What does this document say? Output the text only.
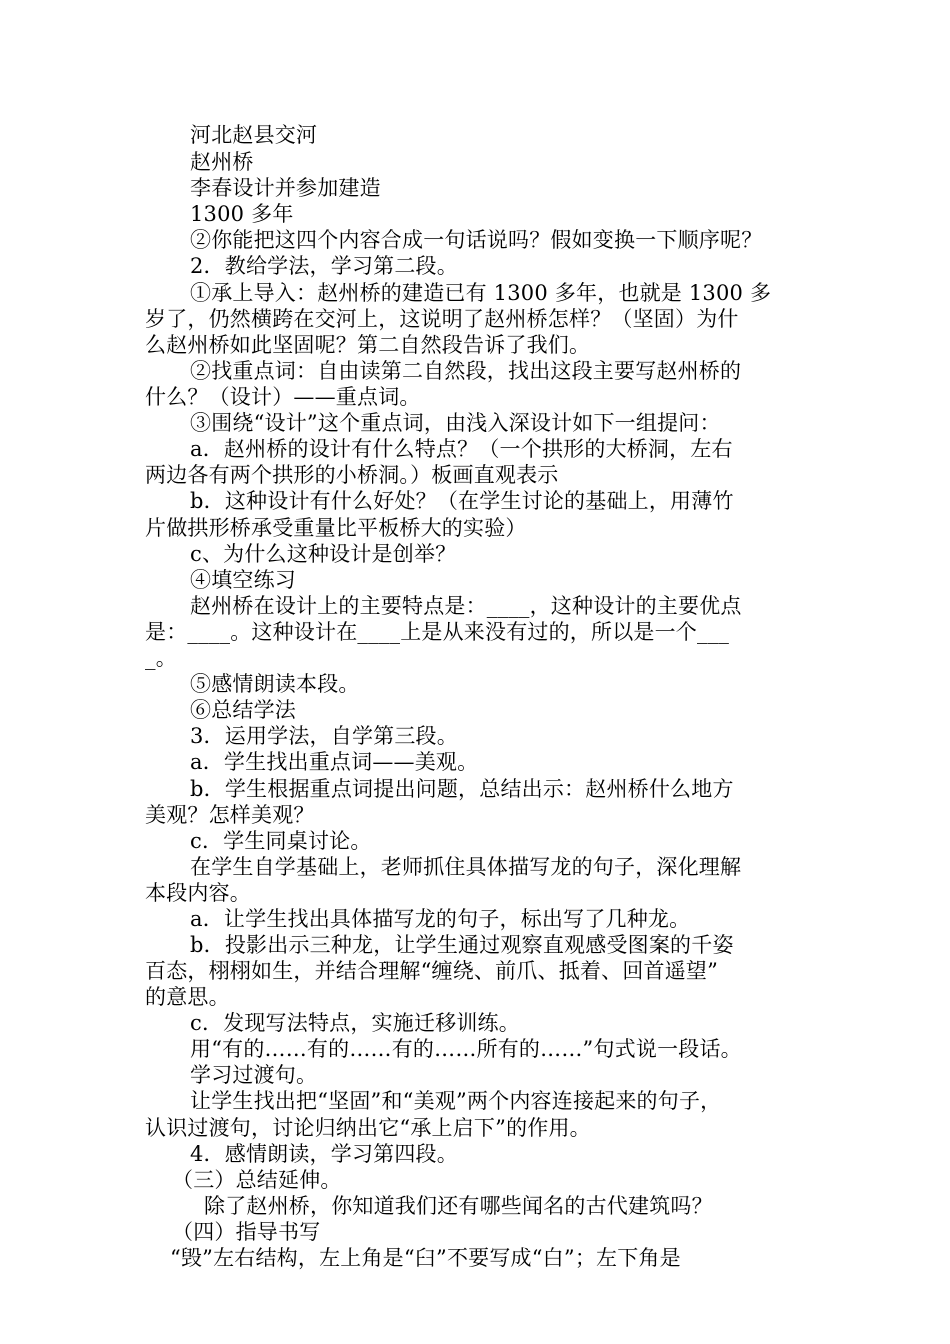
河北赵县交河
赵州桥
李春设计并参加建造
1300 多年
②你能把这四个内容合成一句话说吗？假如变换一下顺序呢？
2．教给学法，学习第二段。
①承上导入：赵州桥的建造已有 1300 多年，也就是 1300 多
岁了，仍然横跨在交河上，这说明了赵州桥怎样？（坚固）为什
么赵州桥如此坚固呢？第二自然段告诉了我们。
②找重点词：自由读第二自然段，找出这段主要写赵州桥的
什么？（设计）——重点词。
③围绕“设计”这个重点词，由浅入深设计如下一组提问：
a．赵州桥的设计有什么特点？（一个拱形的大桥洞，左右
两边各有两个拱形的小桥洞。）板画直观表示
b．这种设计有什么好处？（在学生讨论的基础上，用薄竹
片做拱形桥承受重量比平板桥大的实验）
c、为什么这种设计是创举？
④填空练习
赵州桥在设计上的主要特点是：____，这种设计的主要优点
是：____。这种设计在____上是从来没有过的，所以是一个___
_。
⑤感情朗读本段。
⑥总结学法
3．运用学法，自学第三段。
a．学生找出重点词——美观。
b．学生根据重点词提出问题，总结出示：赵州桥什么地方
美观？怎样美观？
c．学生同桌讨论。
在学生自学基础上，老师抓住具体描写龙的句子，深化理解
本段内容。
a．让学生找出具体描写龙的句子，标出写了几种龙。
b．投影出示三种龙，让学生通过观察直观感受图案的千姿
百态，栩栩如生，并结合理解“缠绕、前爪、抵着、回首遥望”
的意思。
c．发现写法特点，实施迁移训练。
用“有的……有的……有的……所有的……”句式说一段话。
学习过渡句。
让学生找出把“坚固”和“美观”两个内容连接起来的句子，
认识过渡句，讨论归纳出它“承上启下”的作用。
4．感情朗读，学习第四段。
（三）总结延伸。
除了赵州桥，你知道我们还有哪些闻名的古代建筑吗？
（四）指导书写
“毁”左右结构，左上角是“臼”不要写成“白”；左下角是
